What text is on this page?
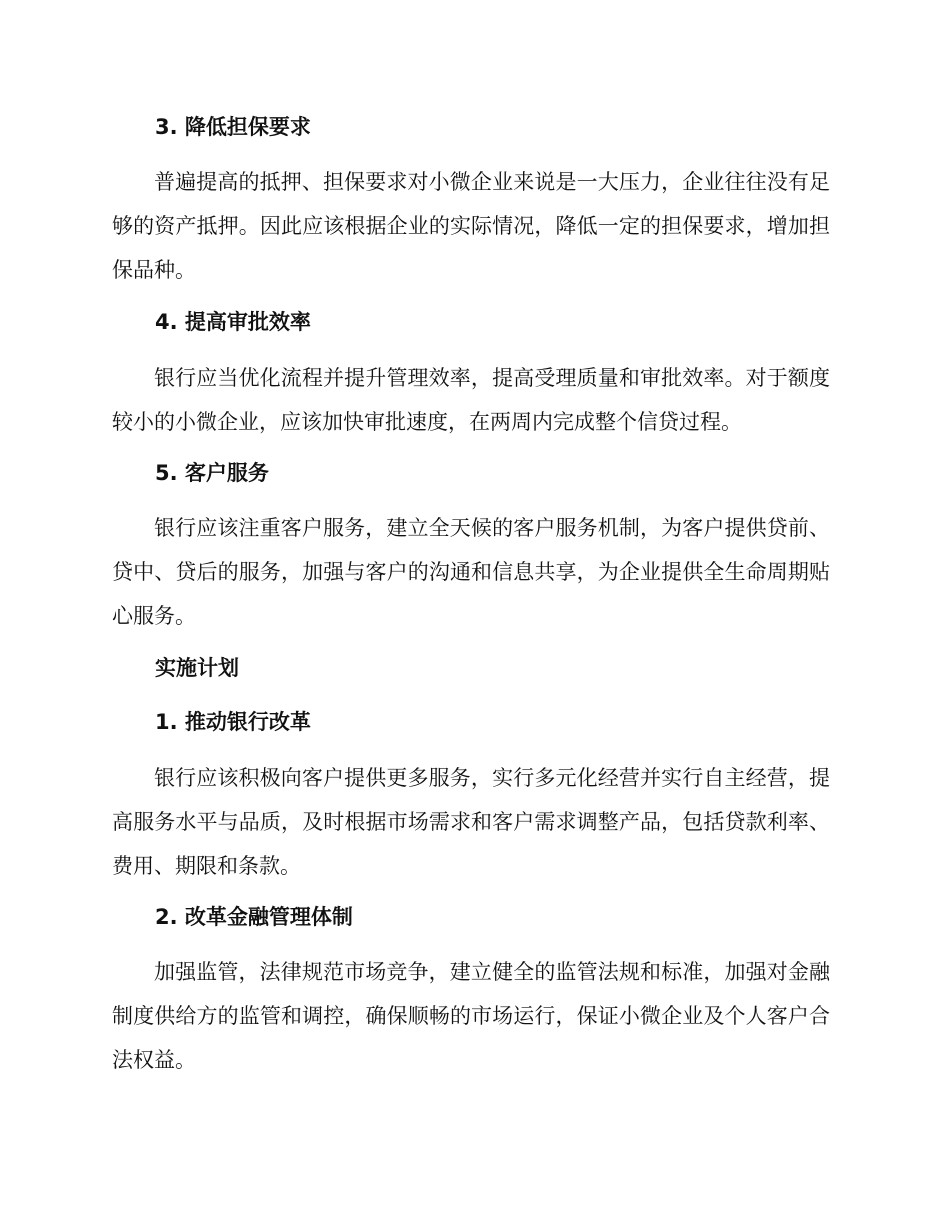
3. 降低担保要求
普遍提高的抵押、担保要求对小微企业来说是一大压力，企业往往没有足够的资产抵押。因此应该根据企业的实际情况，降低一定的担保要求，增加担保品种。
4. 提高审批效率
银行应当优化流程并提升管理效率，提高受理质量和审批效率。对于额度较小的小微企业，应该加快审批速度，在两周内完成整个信贷过程。
5. 客户服务
银行应该注重客户服务，建立全天候的客户服务机制，为客户提供贷前、贷中、贷后的服务，加强与客户的沟通和信息共享，为企业提供全生命周期贴心服务。
实施计划
1. 推动银行改革
银行应该积极向客户提供更多服务，实行多元化经营并实行自主经营，提高服务水平与品质，及时根据市场需求和客户需求调整产品，包括贷款利率、费用、期限和条款。
2. 改革金融管理体制
加强监管，法律规范市场竞争，建立健全的监管法规和标准，加强对金融制度供给方的监管和调控，确保顺畅的市场运行，保证小微企业及个人客户合法权益。
